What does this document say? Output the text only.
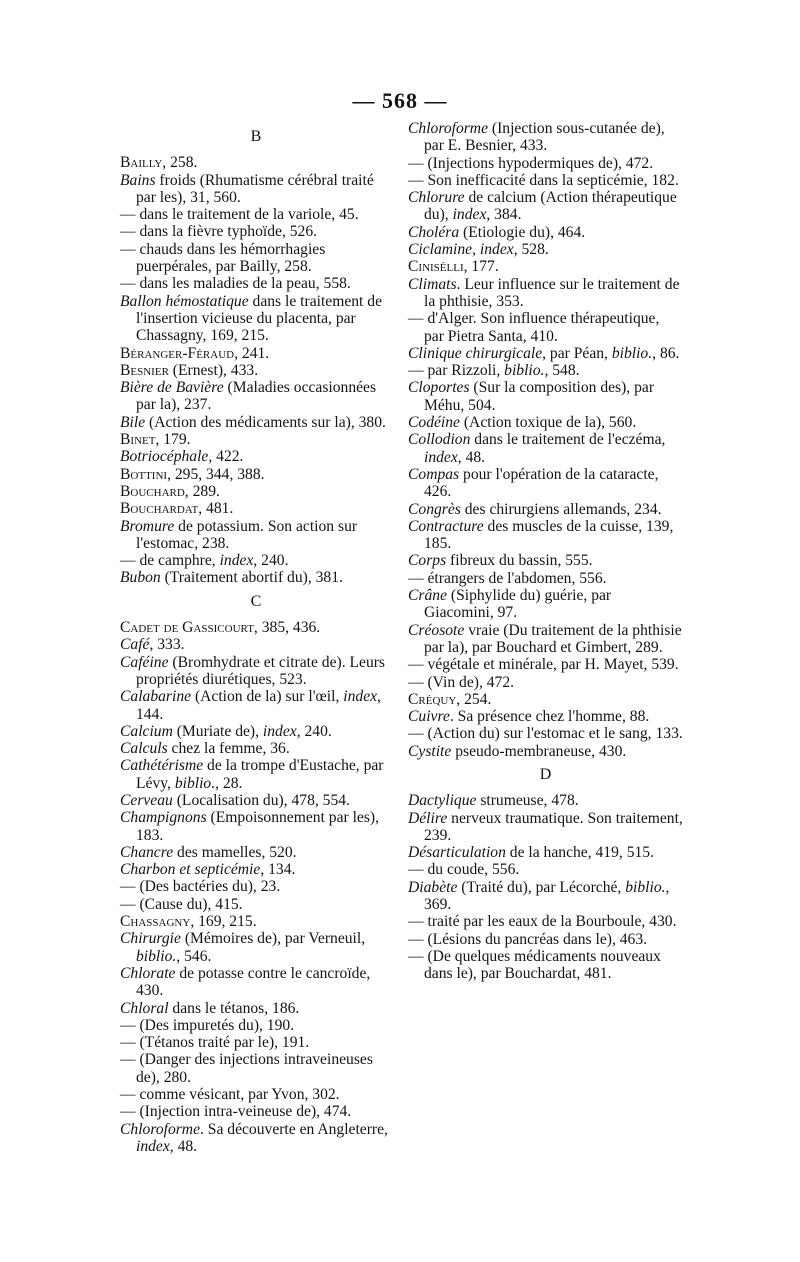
— 568 —
B

Bailly, 258.

Bains froids (Rhumatisme cérébral traité par les), 31, 560.

— dans le traitement de la variole, 45.

— dans la fièvre typhoïde, 526.

— chauds dans les hémorrhagies puerpérales, par Bailly, 258.

— dans les maladies de la peau, 558.

Ballon hémostatique dans le traitement de l'insertion vicieuse du placenta, par Chassagny, 169, 215.

Béranger-Féraud, 241.

Besnier (Ernest), 433.

Bière de Bavière (Maladies occasionnées par la), 237.

Bile (Action des médicaments sur la), 380.

Binet, 179.

Botriocéphale, 422.

Bottini, 295, 344, 388.

Bouchard, 289.

Bouchardat, 481.

Bromure de potassium. Son action sur l'estomac, 238.

— de camphre, index, 240.

Bubon (Traitement abortif du), 381.

C

Cadet de Gassicourt, 385, 436.

Café, 333.

Caféine (Bromhydrate et citrate de). Leurs propriétés diurétiques, 523.

Calabarine (Action de la) sur l'œil, index, 144.

Calcium (Muriate de), index, 240.

Calculs chez la femme, 36.

Cathétérisme de la trompe d'Eustache, par Lévy, biblio., 28.

Cerveau (Localisation du), 478, 554.

Champignons (Empoisonnement par les), 183.

Chancre des mamelles, 520.

Charbon et septicémie, 134.

— (Des bactéries du), 23.

— (Cause du), 415.

Chassagny, 169, 215.

Chirurgie (Mémoires de), par Verneuil, biblio., 546.

Chlorate de potasse contre le cancroïde, 430.

Chloral dans le tétanos, 186.

— (Des impuretés du), 190.

— (Tétanos traité par le), 191.

— (Danger des injections intraveineuses de), 280.

— comme vésicant, par Yvon, 302.

— (Injection intra-veineuse de), 474.

Chloroforme. Sa découverte en Angleterre, index, 48.

Chloroforme (Injection sous-cutanée de), par E. Besnier, 433.

— (Injections hypodermiques de), 472.

— Son inefficacité dans la septicémie, 182.

Chlorure de calcium (Action thérapeutique du), index, 384.

Choléra (Etiologie du), 464.

Ciclamine, index, 528.

Cinisélli, 177.

Climats. Leur influence sur le traitement de la phthisie, 353.

— d'Alger. Son influence thérapeutique, par Pietra Santa, 410.

Clinique chirurgicale, par Péan, biblio., 86.

— par Rizzoli, biblio., 548.

Cloportes (Sur la composition des), par Méhu, 504.

Codéine (Action toxique de la), 560.

Collodion dans le traitement de l'eczéma, index, 48.

Compas pour l'opération de la cataracte, 426.

Congrès des chirurgiens allemands, 234.

Contracture des muscles de la cuisse, 139, 185.

Corps fibreux du bassin, 555.

— étrangers de l'abdomen, 556.

Crâne (Siphylide du) guérie, par Giacomini, 97.

Créosote vraie (Du traitement de la phthisie par la), par Bouchard et Gimbert, 289.

— végétale et minérale, par H. Mayet, 539.

— (Vin de), 472.

Créquy, 254.

Cuivre. Sa présence chez l'homme, 88.

— (Action du) sur l'estomac et le sang, 133.

Cystite pseudo-membraneuse, 430.

D

Dactylique strumeuse, 478.

Délire nerveux traumatique. Son traitement, 239.

Désarticulation de la hanche, 419, 515.

— du coude, 556.

Diabète (Traité du), par Lécorché, biblio., 369.

— traité par les eaux de la Bourboule, 430.

— (Lésions du pancréas dans le), 463.

— (De quelques médicaments nouveaux dans le), par Bouchardat, 481.
